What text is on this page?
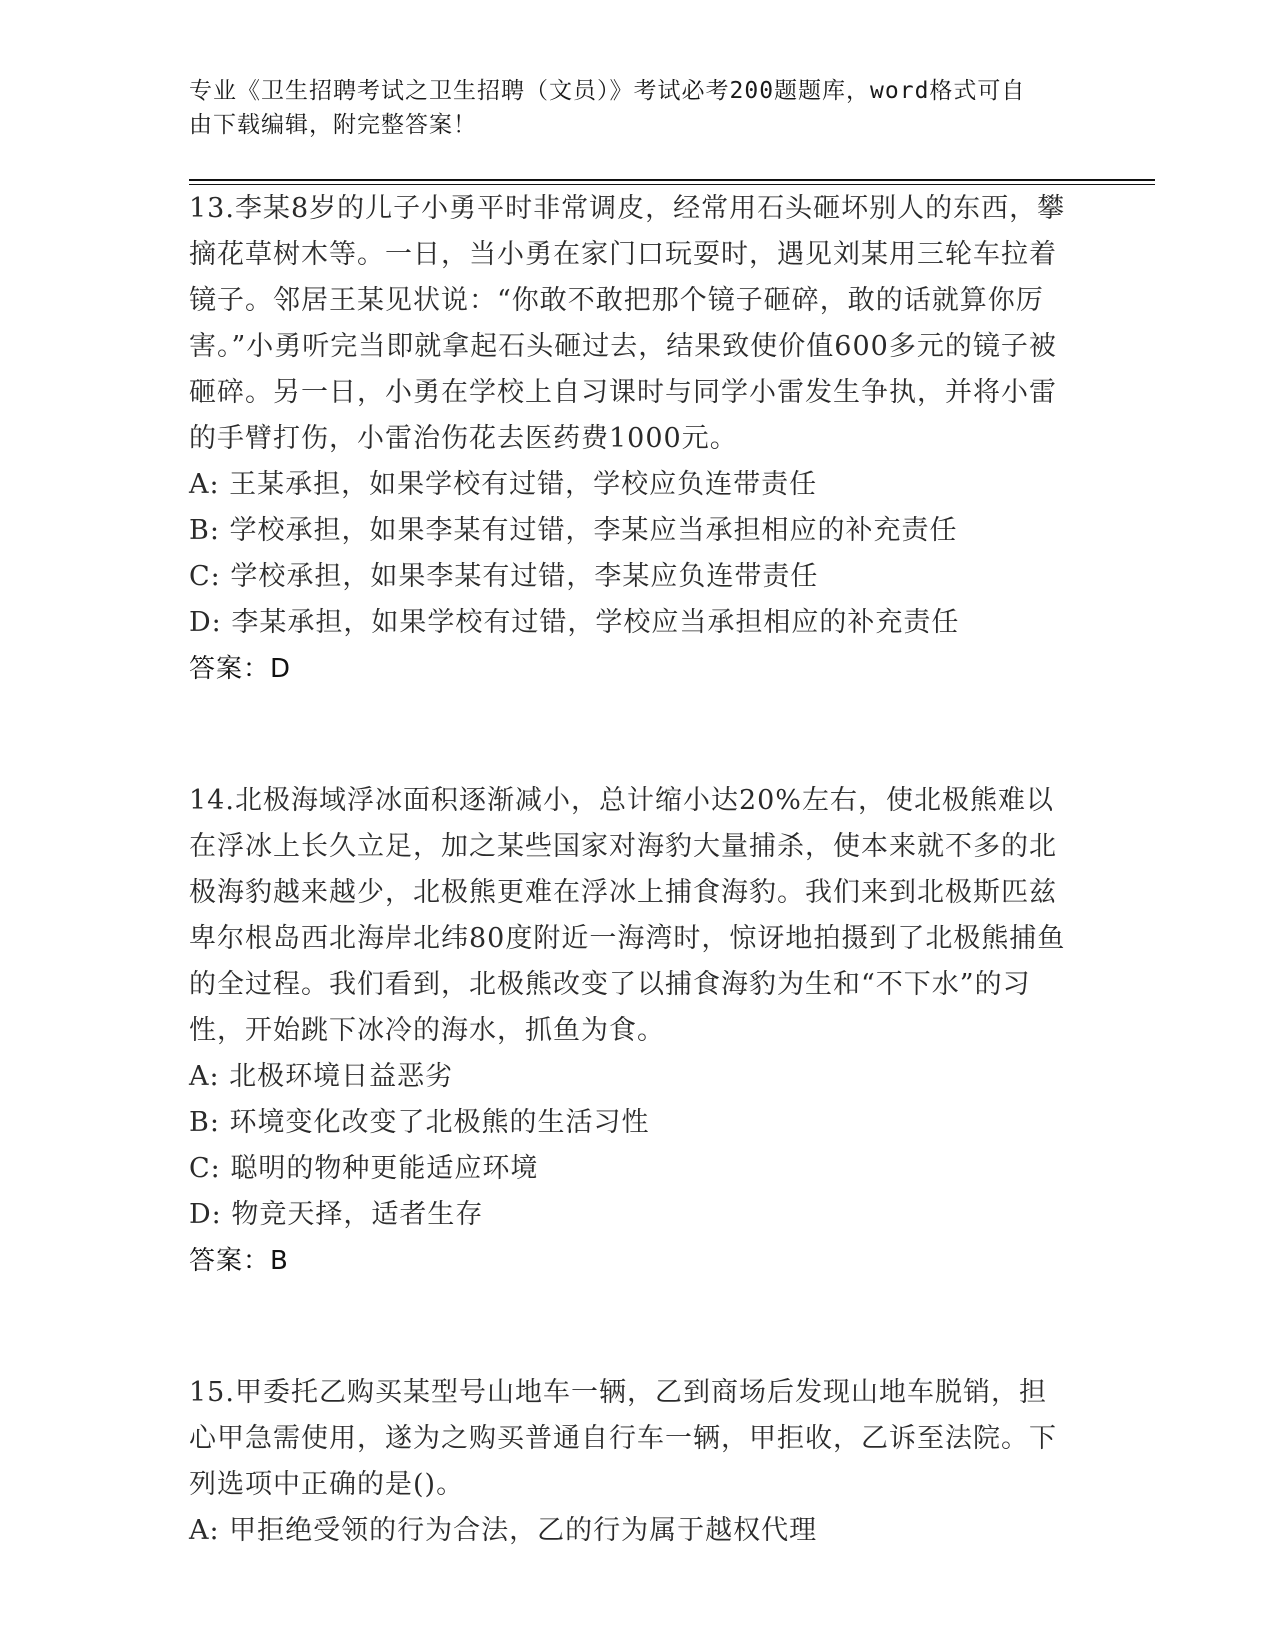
专业《卫生招聘考试之卫生招聘（文员）》考试必考200题题库，word格式可自
由下载编辑，附完整答案！

13.李某8岁的儿子小勇平时非常调皮，经常用石头砸坏别人的东西，攀摘花草树木等。一日，当小勇在家门口玩耍时，遇见刘某用三轮车拉着镜子。邻居王某见状说：“你敢不敢把那个镜子砸碎，敢的话就算你厉害。”小勇听完当即就拿起石头砸过去，结果致使价值600多元的镜子被砸碎。另一日，小勇在学校上自习课时与同学小雷发生争执，并将小雷的手臂打伤，小雷治伤花去医药费1000元。

A: 王某承担，如果学校有过错，学校应负连带责任

B: 学校承担，如果李某有过错，李某应当承担相应的补充责任

C: 学校承担，如果李某有过错，李某应负连带责任

D: 李某承担，如果学校有过错，学校应当承担相应的补充责任

答案：D

14.北极海域浮冰面积逐渐减小，总计缩小达20%左右，使北极熊难以在浮冰上长久立足，加之某些国家对海豹大量捕杀，使本来就不多的北极海豹越来越少，北极熊更难在浮冰上捕食海豹。我们来到北极斯匹兹卑尔根岛西北海岸北纬80度附近一海湾时，惊讶地拍摄到了北极熊捕鱼的全过程。我们看到，北极熊改变了以捕食海豹为生和“不下水”的习性，开始跳下冰冷的海水，抓鱼为食。

A: 北极环境日益恶劣

B: 环境变化改变了北极熊的生活习性

C: 聪明的物种更能适应环境

D: 物竞天择，适者生存

答案：B

15.甲委托乙购买某型号山地车一辆，乙到商场后发现山地车脱销，担心甲急需使用，遂为之购买普通自行车一辆，甲拒收，乙诉至法院。下列选项中正确的是()。

A: 甲拒绝受领的行为合法，乙的行为属于越权代理
